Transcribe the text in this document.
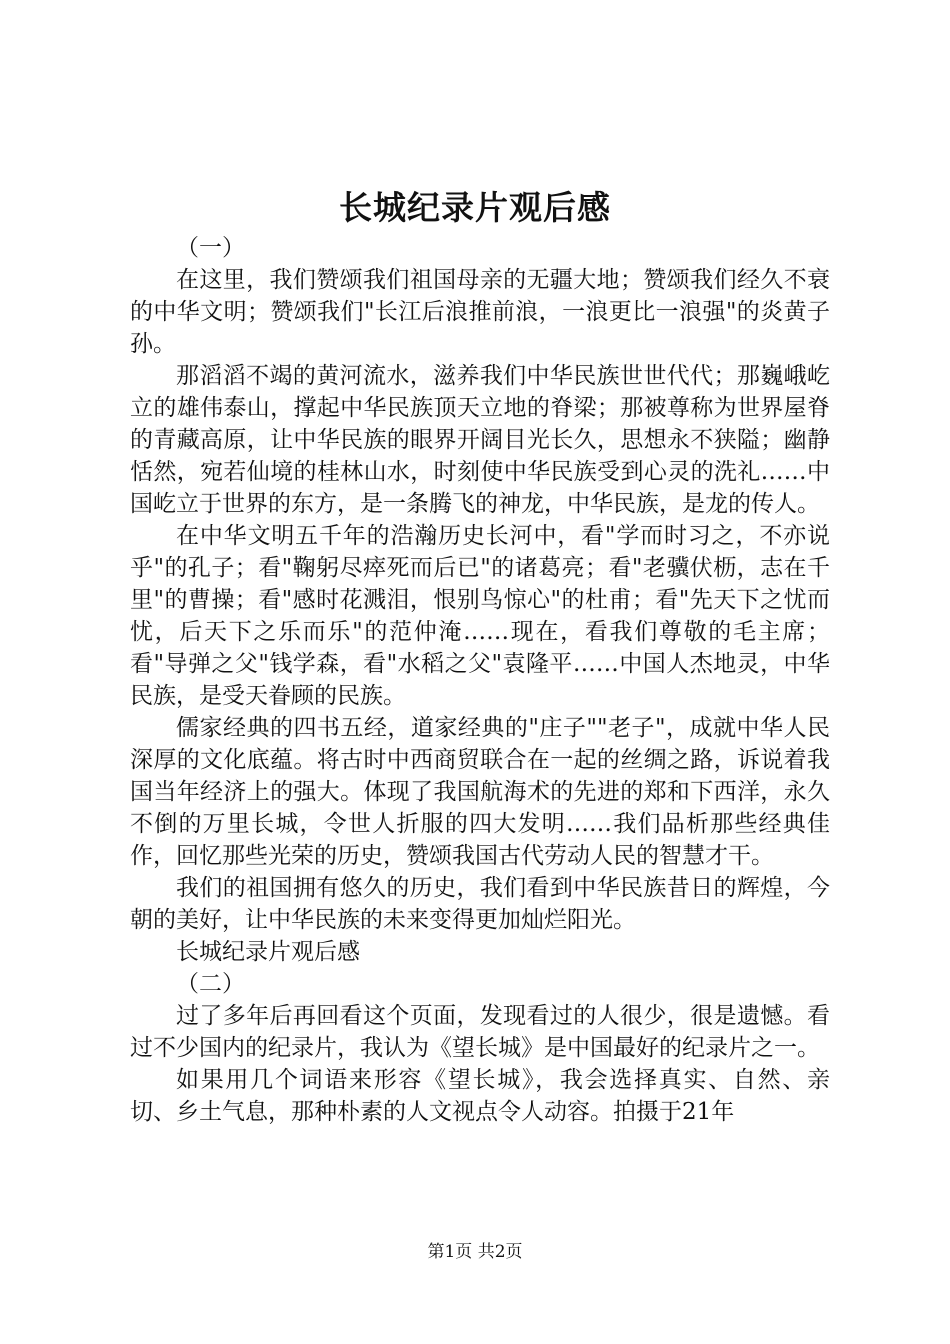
长城纪录片观后感

（一）

在这里，我们赞颂我们祖国母亲的无疆大地；赞颂我们经久不衰的中华文明；赞颂我们"长江后浪推前浪，一浪更比一浪强"的炎黄子孙。

那滔滔不竭的黄河流水，滋养我们中华民族世世代代；那巍峨屹立的雄伟泰山，撑起中华民族顶天立地的脊梁；那被尊称为世界屋脊的青藏高原，让中华民族的眼界开阔目光长久，思想永不狭隘；幽静恬然，宛若仙境的桂林山水，时刻使中华民族受到心灵的洗礼……中国屹立于世界的东方，是一条腾飞的神龙，中华民族，是龙的传人。

在中华文明五千年的浩瀚历史长河中，看"学而时习之，不亦说乎"的孔子；看"鞠躬尽瘁死而后已"的诸葛亮；看"老骥伏枥，志在千里"的曹操；看"感时花溅泪，恨别鸟惊心"的杜甫；看"先天下之忧而忧，后天下之乐而乐"的范仲淹……现在，看我们尊敬的毛主席；看"导弹之父"钱学森，看"水稻之父"袁隆平……中国人杰地灵，中华民族，是受天眷顾的民族。

儒家经典的四书五经，道家经典的"庄子""老子"，成就中华人民深厚的文化底蕴。将古时中西商贸联合在一起的丝绸之路，诉说着我国当年经济上的强大。体现了我国航海术的先进的郑和下西洋，永久不倒的万里长城，令世人折服的四大发明……我们品析那些经典佳作，回忆那些光荣的历史，赞颂我国古代劳动人民的智慧才干。

我们的祖国拥有悠久的历史，我们看到中华民族昔日的辉煌，今朝的美好，让中华民族的未来变得更加灿烂阳光。

长城纪录片观后感

（二）

过了多年后再回看这个页面，发现看过的人很少，很是遗憾。看过不少国内的纪录片，我认为《望长城》是中国最好的纪录片之一。

如果用几个词语来形容《望长城》，我会选择真实、自然、亲切、乡土气息，那种朴素的人文视点令人动容。拍摄于21年

第1页 共2页
